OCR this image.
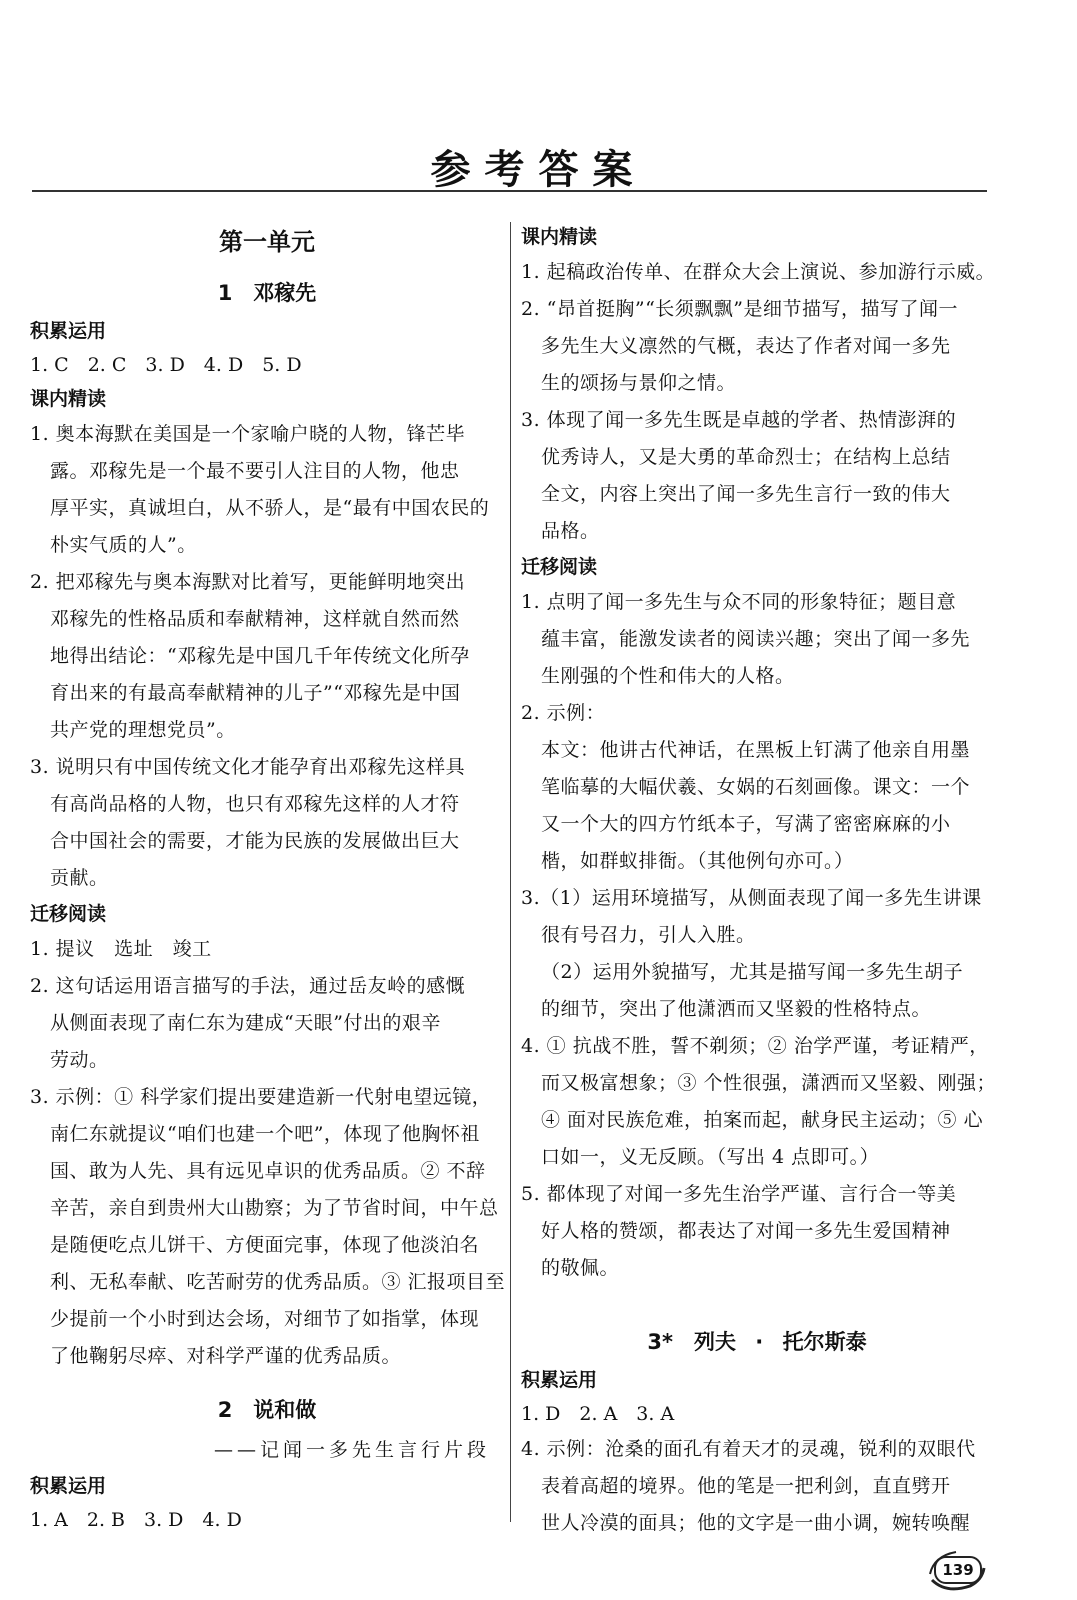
参考答案
第一单元
1　邓稼先
积累运用
1. C　2. C　3. D　4. D　5. D
课内精读
1. 奥本海默在美国是一个家喻户晓的人物，锋芒毕
露。邓稼先是一个最不要引人注目的人物，他忠
厚平实，真诚坦白，从不骄人，是“最有中国农民的
朴实气质的人”。
2. 把邓稼先与奥本海默对比着写，更能鲜明地突出
邓稼先的性格品质和奉献精神，这样就自然而然
地得出结论：“邓稼先是中国几千年传统文化所孕
育出来的有最高奉献精神的儿子”“邓稼先是中国
共产党的理想党员”。
3. 说明只有中国传统文化才能孕育出邓稼先这样具
有高尚品格的人物，也只有邓稼先这样的人才符
合中国社会的需要，才能为民族的发展做出巨大
贡献。
迁移阅读
1. 提议　选址　竣工
2. 这句话运用语言描写的手法，通过岳友岭的感慨
从侧面表现了南仁东为建成“天眼”付出的艰辛
劳动。
3. 示例：① 科学家们提出要建造新一代射电望远镜，
南仁东就提议“咱们也建一个吧”，体现了他胸怀祖
国、敢为人先、具有远见卓识的优秀品质。② 不辞
辛苦，亲自到贵州大山勘察；为了节省时间，中午总
是随便吃点儿饼干、方便面完事，体现了他淡泊名
利、无私奉献、吃苦耐劳的优秀品质。③ 汇报项目至
少提前一个小时到达会场，对细节了如指掌，体现
了他鞠躬尽瘁、对科学严谨的优秀品质。
2　说和做
——记闻一多先生言行片段
积累运用
1. A　2. B　3. D　4. D
课内精读
1. 起稿政治传单、在群众大会上演说、参加游行示威。
2. “昂首挺胸”“长须飘飘”是细节描写，描写了闻一
多先生大义凛然的气概，表达了作者对闻一多先
生的颂扬与景仰之情。
3. 体现了闻一多先生既是卓越的学者、热情澎湃的
优秀诗人，又是大勇的革命烈士；在结构上总结
全文，内容上突出了闻一多先生言行一致的伟大
品格。
迁移阅读
1. 点明了闻一多先生与众不同的形象特征；题目意
蕴丰富，能激发读者的阅读兴趣；突出了闻一多先
生刚强的个性和伟大的人格。
2. 示例：
本文：他讲古代神话，在黑板上钉满了他亲自用墨
笔临摹的大幅伏羲、女娲的石刻画像。课文：一个
又一个大的四方竹纸本子，写满了密密麻麻的小
楷，如群蚁排衙。（其他例句亦可。）
3.（1）运用环境描写，从侧面表现了闻一多先生讲课
很有号召力，引人入胜。
（2）运用外貌描写，尤其是描写闻一多先生胡子
的细节，突出了他潇洒而又坚毅的性格特点。
4. ① 抗战不胜，誓不剃须；② 治学严谨，考证精严，
而又极富想象；③ 个性很强，潇洒而又坚毅、刚强；
④ 面对民族危难，拍案而起，献身民主运动；⑤ 心
口如一，义无反顾。（写出 4 点即可。）
5. 都体现了对闻一多先生治学严谨、言行合一等美
好人格的赞颂，都表达了对闻一多先生爱国精神
的敬佩。
3*　列夫 · 托尔斯泰
积累运用
1. D　2. A　3. A
4. 示例：沧桑的面孔有着天才的灵魂，锐利的双眼代
表着高超的境界。他的笔是一把利剑，直直劈开
世人冷漠的面具；他的文字是一曲小调，婉转唤醒
139
